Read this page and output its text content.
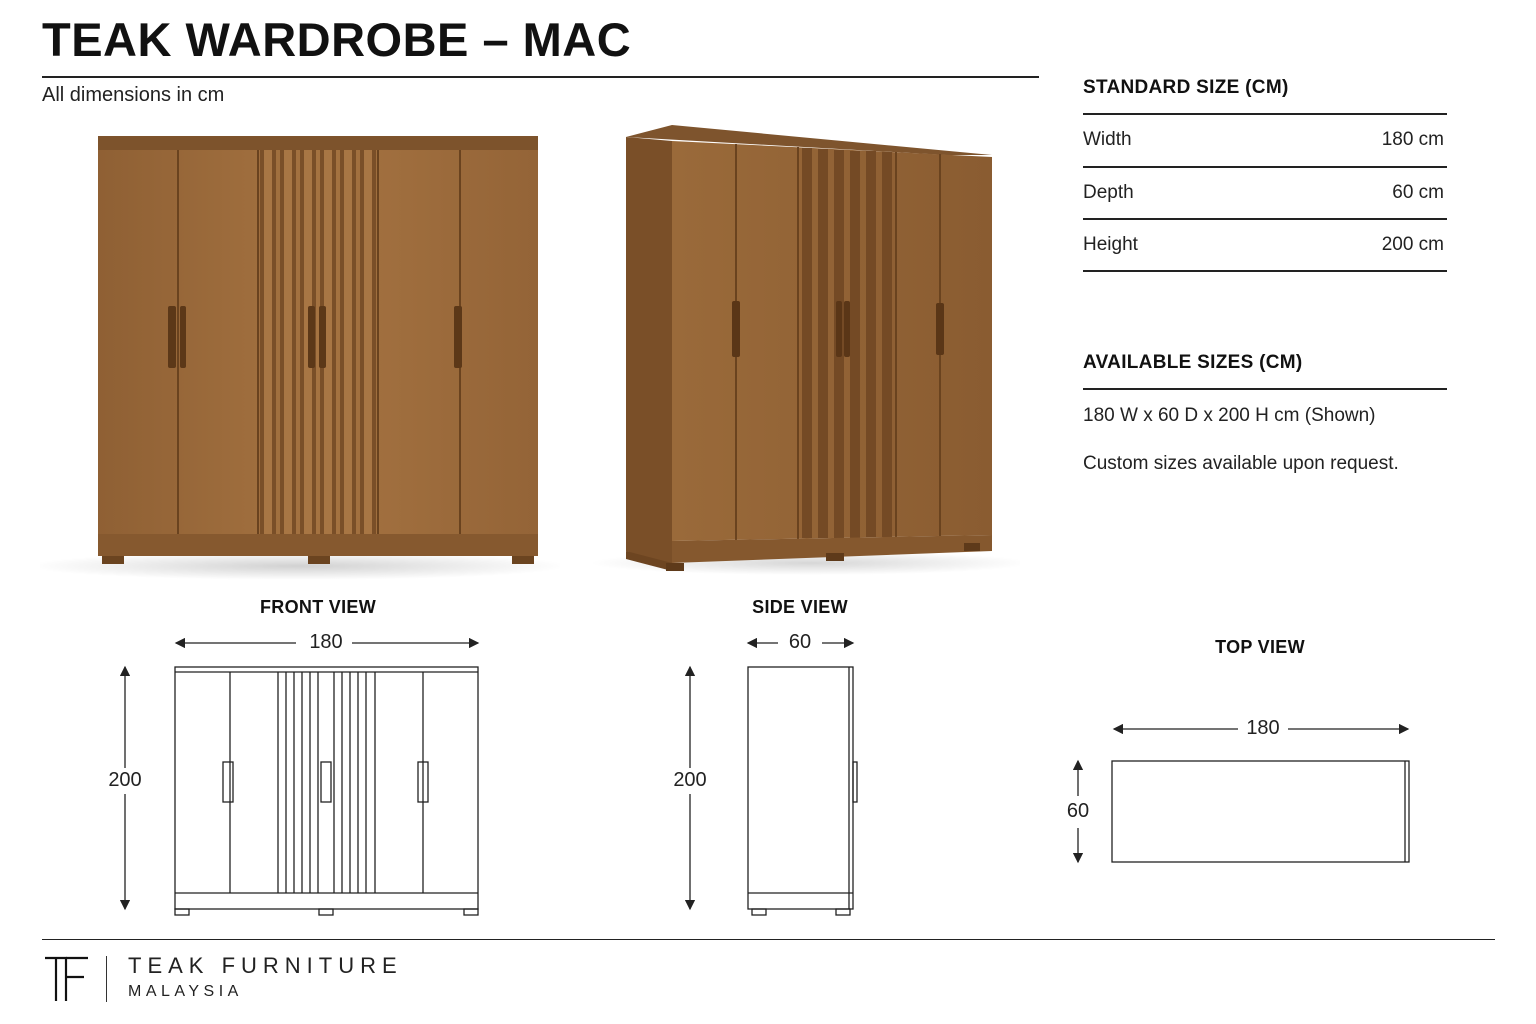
TEAK WARDROBE – MAC
All dimensions in cm	STANDARD SIZE (CM)
Width	180 cm
Depth	60 cm
Height	200 cm
AVAILABLE SIZES (CM)
180 W x 60 D x 200 H cm (Shown)
Custom sizes available upon request.
FRONT VIEW	SIDE VIEW
TOP VIEW
180
200
60
200
180
60
TEAK FURNITURE
MALAYSIA
